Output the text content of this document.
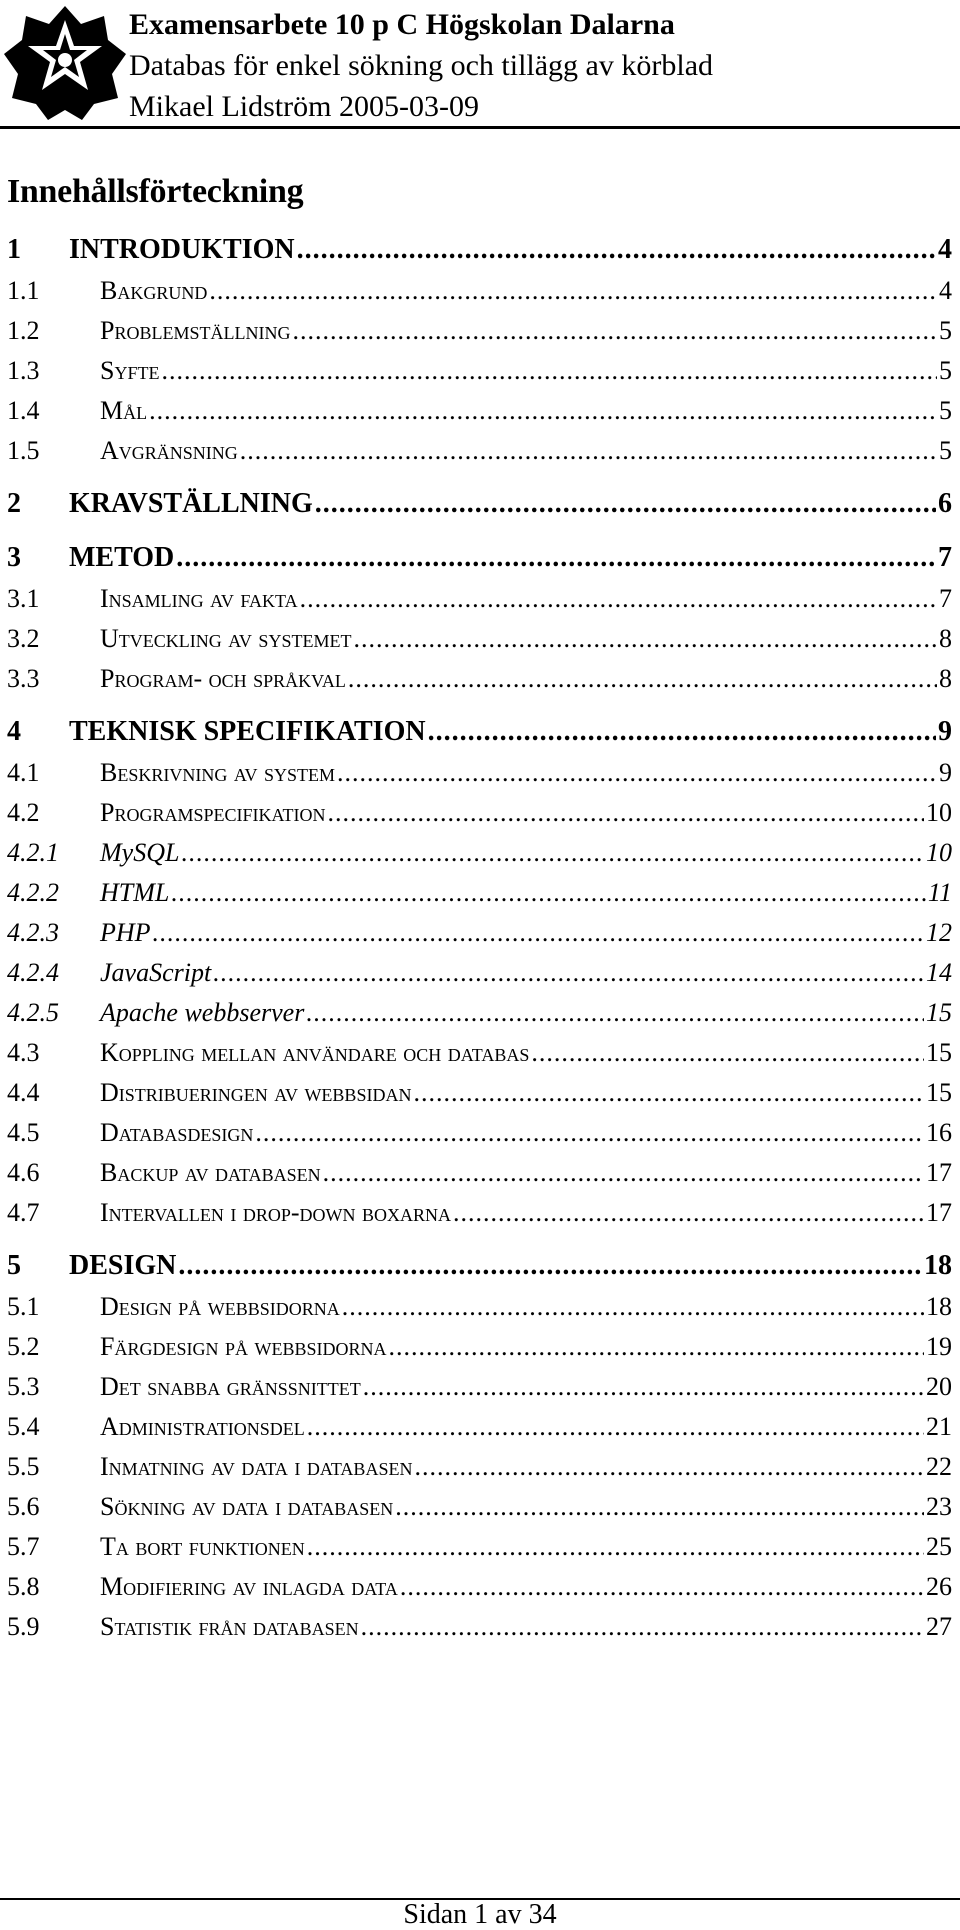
Examensarbete 10 p C Högskolan Dalarna
Databas för enkel sökning och tillägg av körblad
Mikael Lidström 2005-03-09
Innehållsförteckning
1	INTRODUKTION .....	4
1.1	Bakgrund .....	4
1.2	Problemställning .....	5
1.3	Syfte .....	5
1.4	Mål .....	5
1.5	Avgränsning .....	5
2	KRAVSTÄLLNING .....	6
3	METOD .....	7
3.1	Insamling av fakta .....	7
3.2	Utveckling av systemet .....	8
3.3	Program- och språkval .....	8
4	TEKNISK SPECIFIKATION .....	9
4.1	Beskrivning av system .....	9
4.2	Programspecifikation .....	10
4.2.1	MySQL .....	10
4.2.2	HTML .....	11
4.2.3	PHP .....	12
4.2.4	JavaScript .....	14
4.2.5	Apache webbserver .....	15
4.3	Koppling mellan användare och databas .....	15
4.4	Distribueringen av webbsidan .....	15
4.5	Databasdesign .....	16
4.6	Backup av databasen .....	17
4.7	Intervallen i drop-down boxarna .....	17
5	DESIGN .....	18
5.1	Design på webbsidorna .....	18
5.2	Färgdesign på webbsidorna .....	19
5.3	Det snabba gränssnittet .....	20
5.4	Administrationsdel .....	21
5.5	Inmatning av data i databasen .....	22
5.6	Sökning av data i databasen .....	23
5.7	Ta bort funktionen .....	25
5.8	Modifiering av inlagda data .....	26
5.9	Statistik från databasen .....	27
Sidan 1 av 34
